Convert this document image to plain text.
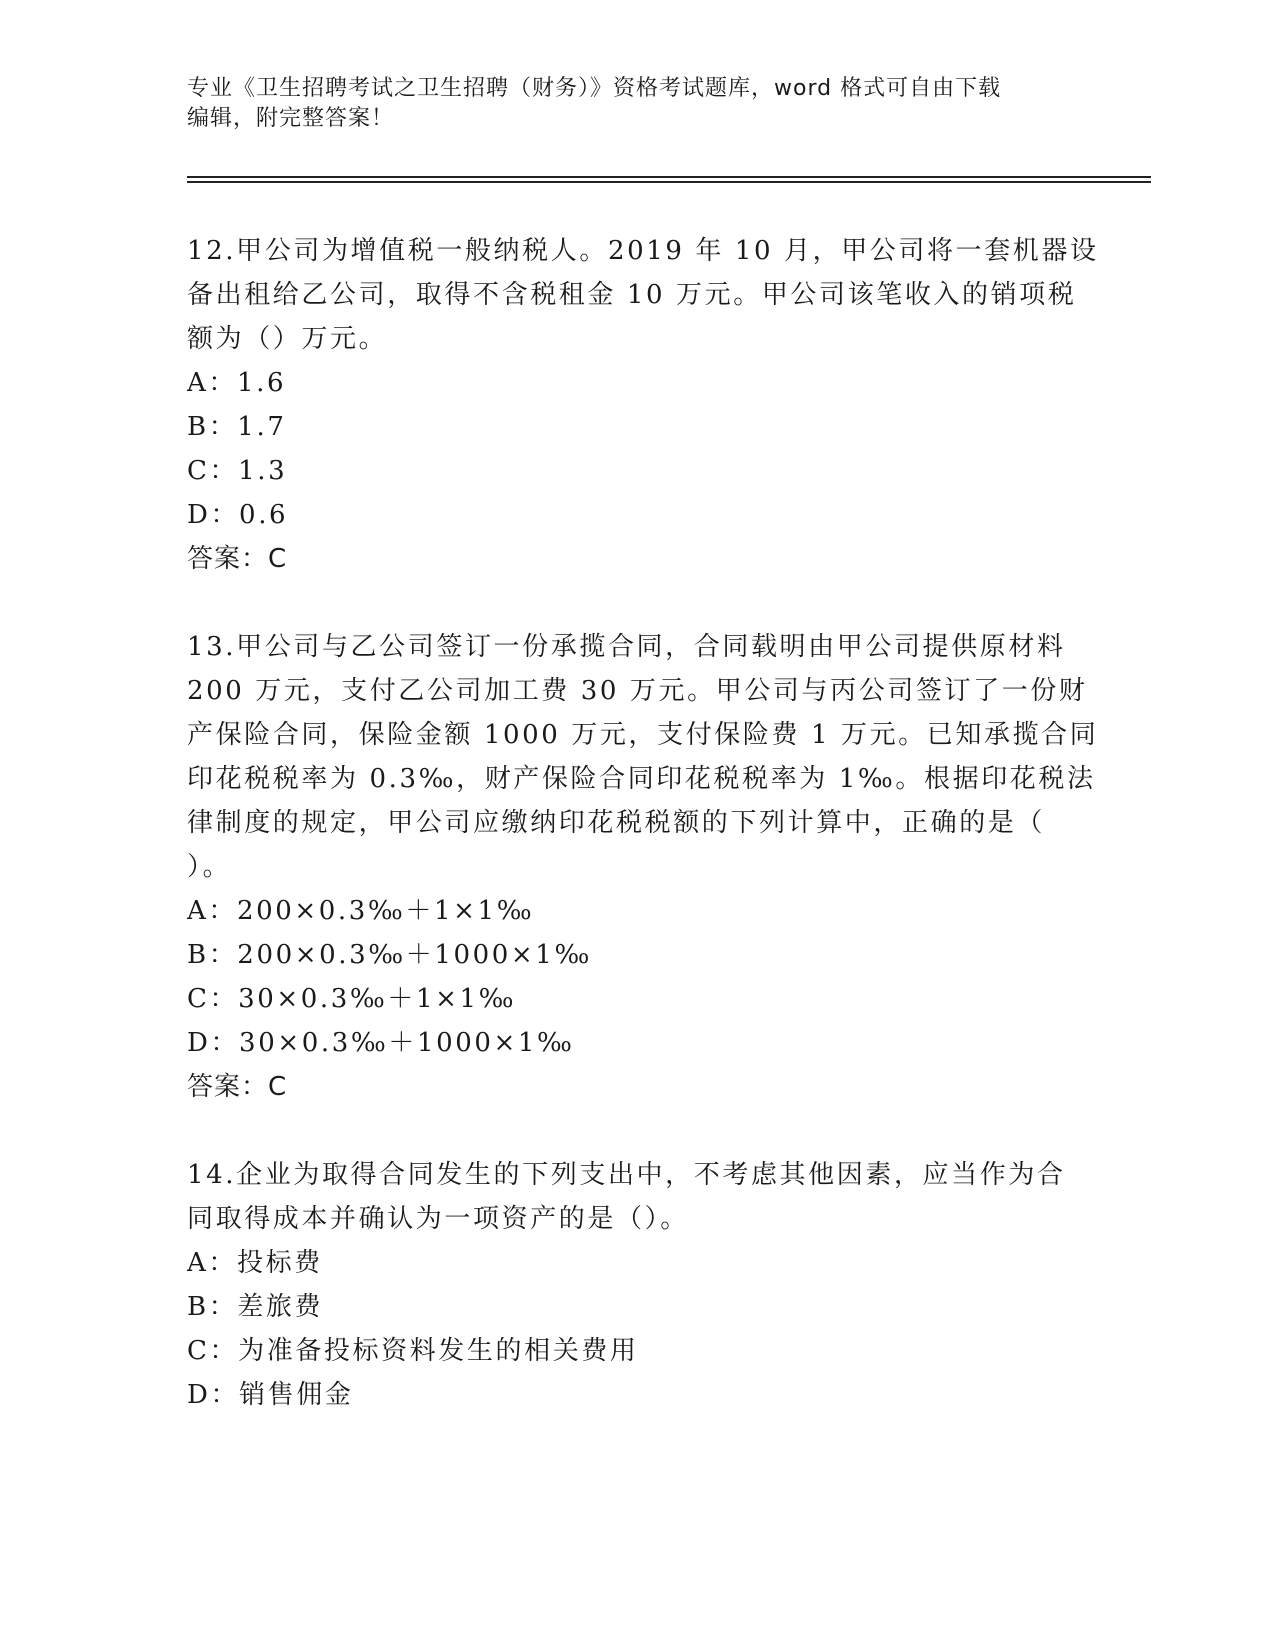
专业《卫生招聘考试之卫生招聘（财务）》资格考试题库，word 格式可自由下载
编辑，附完整答案！
12.甲公司为增值税一般纳税人。2019 年 10 月，甲公司将一套机器设
备出租给乙公司，取得不含税租金 10 万元。甲公司该笔收入的销项税
额为（）万元。
A：1.6
B：1.7
C：1.3
D：0.6
答案：C
13.甲公司与乙公司签订一份承揽合同，合同载明由甲公司提供原材料
200 万元，支付乙公司加工费 30 万元。甲公司与丙公司签订了一份财
产保险合同，保险金额 1000 万元，支付保险费 1 万元。已知承揽合同
印花税税率为 0.3‰，财产保险合同印花税税率为 1‰。根据印花税法
律制度的规定，甲公司应缴纳印花税税额的下列计算中，正确的是（
）。
A：200×0.3‰＋1×1‰
B：200×0.3‰＋1000×1‰
C：30×0.3‰＋1×1‰
D：30×0.3‰＋1000×1‰
答案：C
14.企业为取得合同发生的下列支出中，不考虑其他因素，应当作为合
同取得成本并确认为一项资产的是（）。
A：投标费
B：差旅费
C：为准备投标资料发生的相关费用
D：销售佣金
